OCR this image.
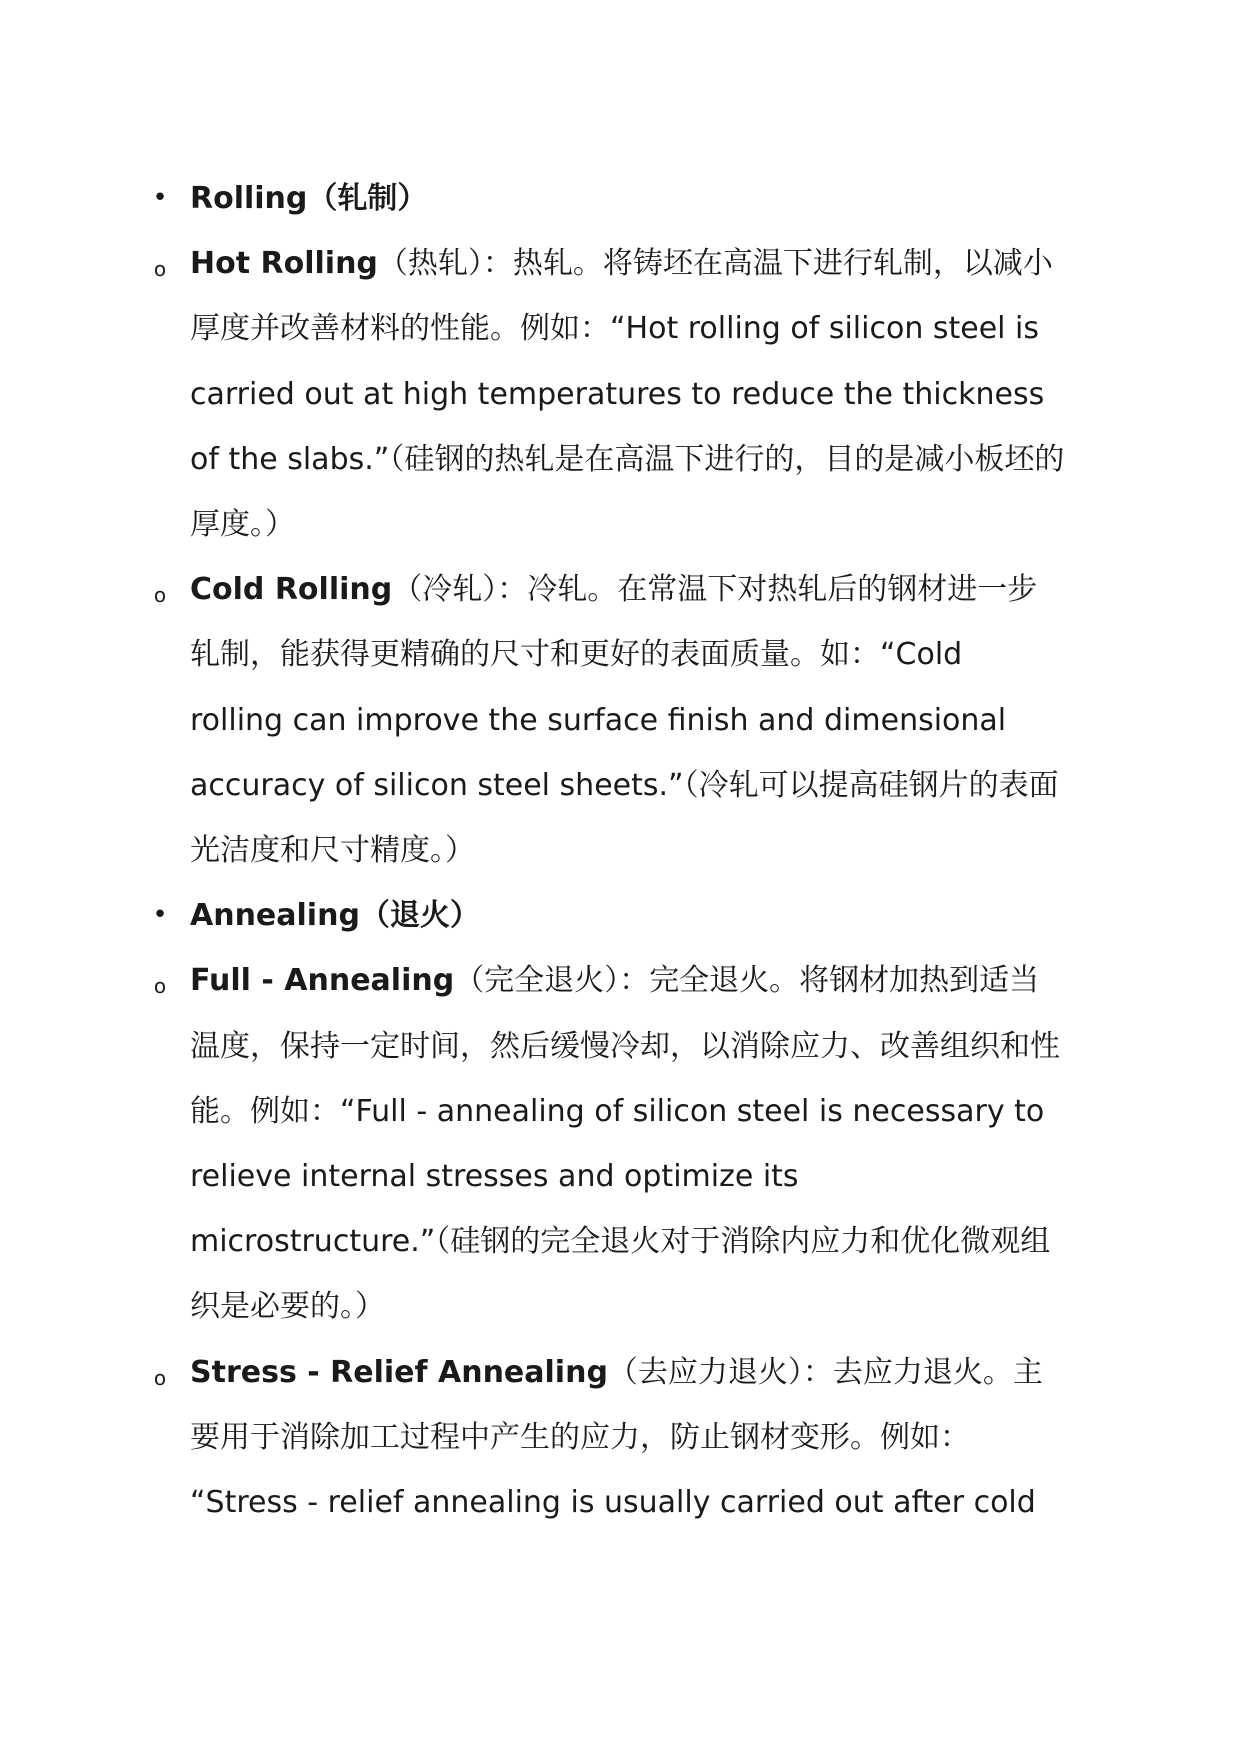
• Rolling（轧制）
o Hot Rolling（热轧）：热轧。将铸坯在高温下进行轧制，以减小
厚度并改善材料的性能。例如：“Hot rolling of silicon steel is
carried out at high temperatures to reduce the thickness
of the slabs.”（硅钢的热轧是在高温下进行的，目的是减小板坯的
厚度。）
o Cold Rolling（冷轧）：冷轧。在常温下对热轧后的钢材进一步
轧制，能获得更精确的尺寸和更好的表面质量。如：“Cold
rolling can improve the surface finish and dimensional
accuracy of silicon steel sheets.”（冷轧可以提高硅钢片的表面
光洁度和尺寸精度。）
• Annealing（退火）
o Full - Annealing（完全退火）：完全退火。将钢材加热到适当
温度，保持一定时间，然后缓慢冷却，以消除应力、改善组织和性
能。例如：“Full - annealing of silicon steel is necessary to
relieve internal stresses and optimize its
microstructure.”（硅钢的完全退火对于消除内应力和优化微观组
织是必要的。）
o Stress - Relief Annealing（去应力退火）：去应力退火。主
要用于消除加工过程中产生的应力，防止钢材变形。例如：
“Stress - relief annealing is usually carried out after cold
